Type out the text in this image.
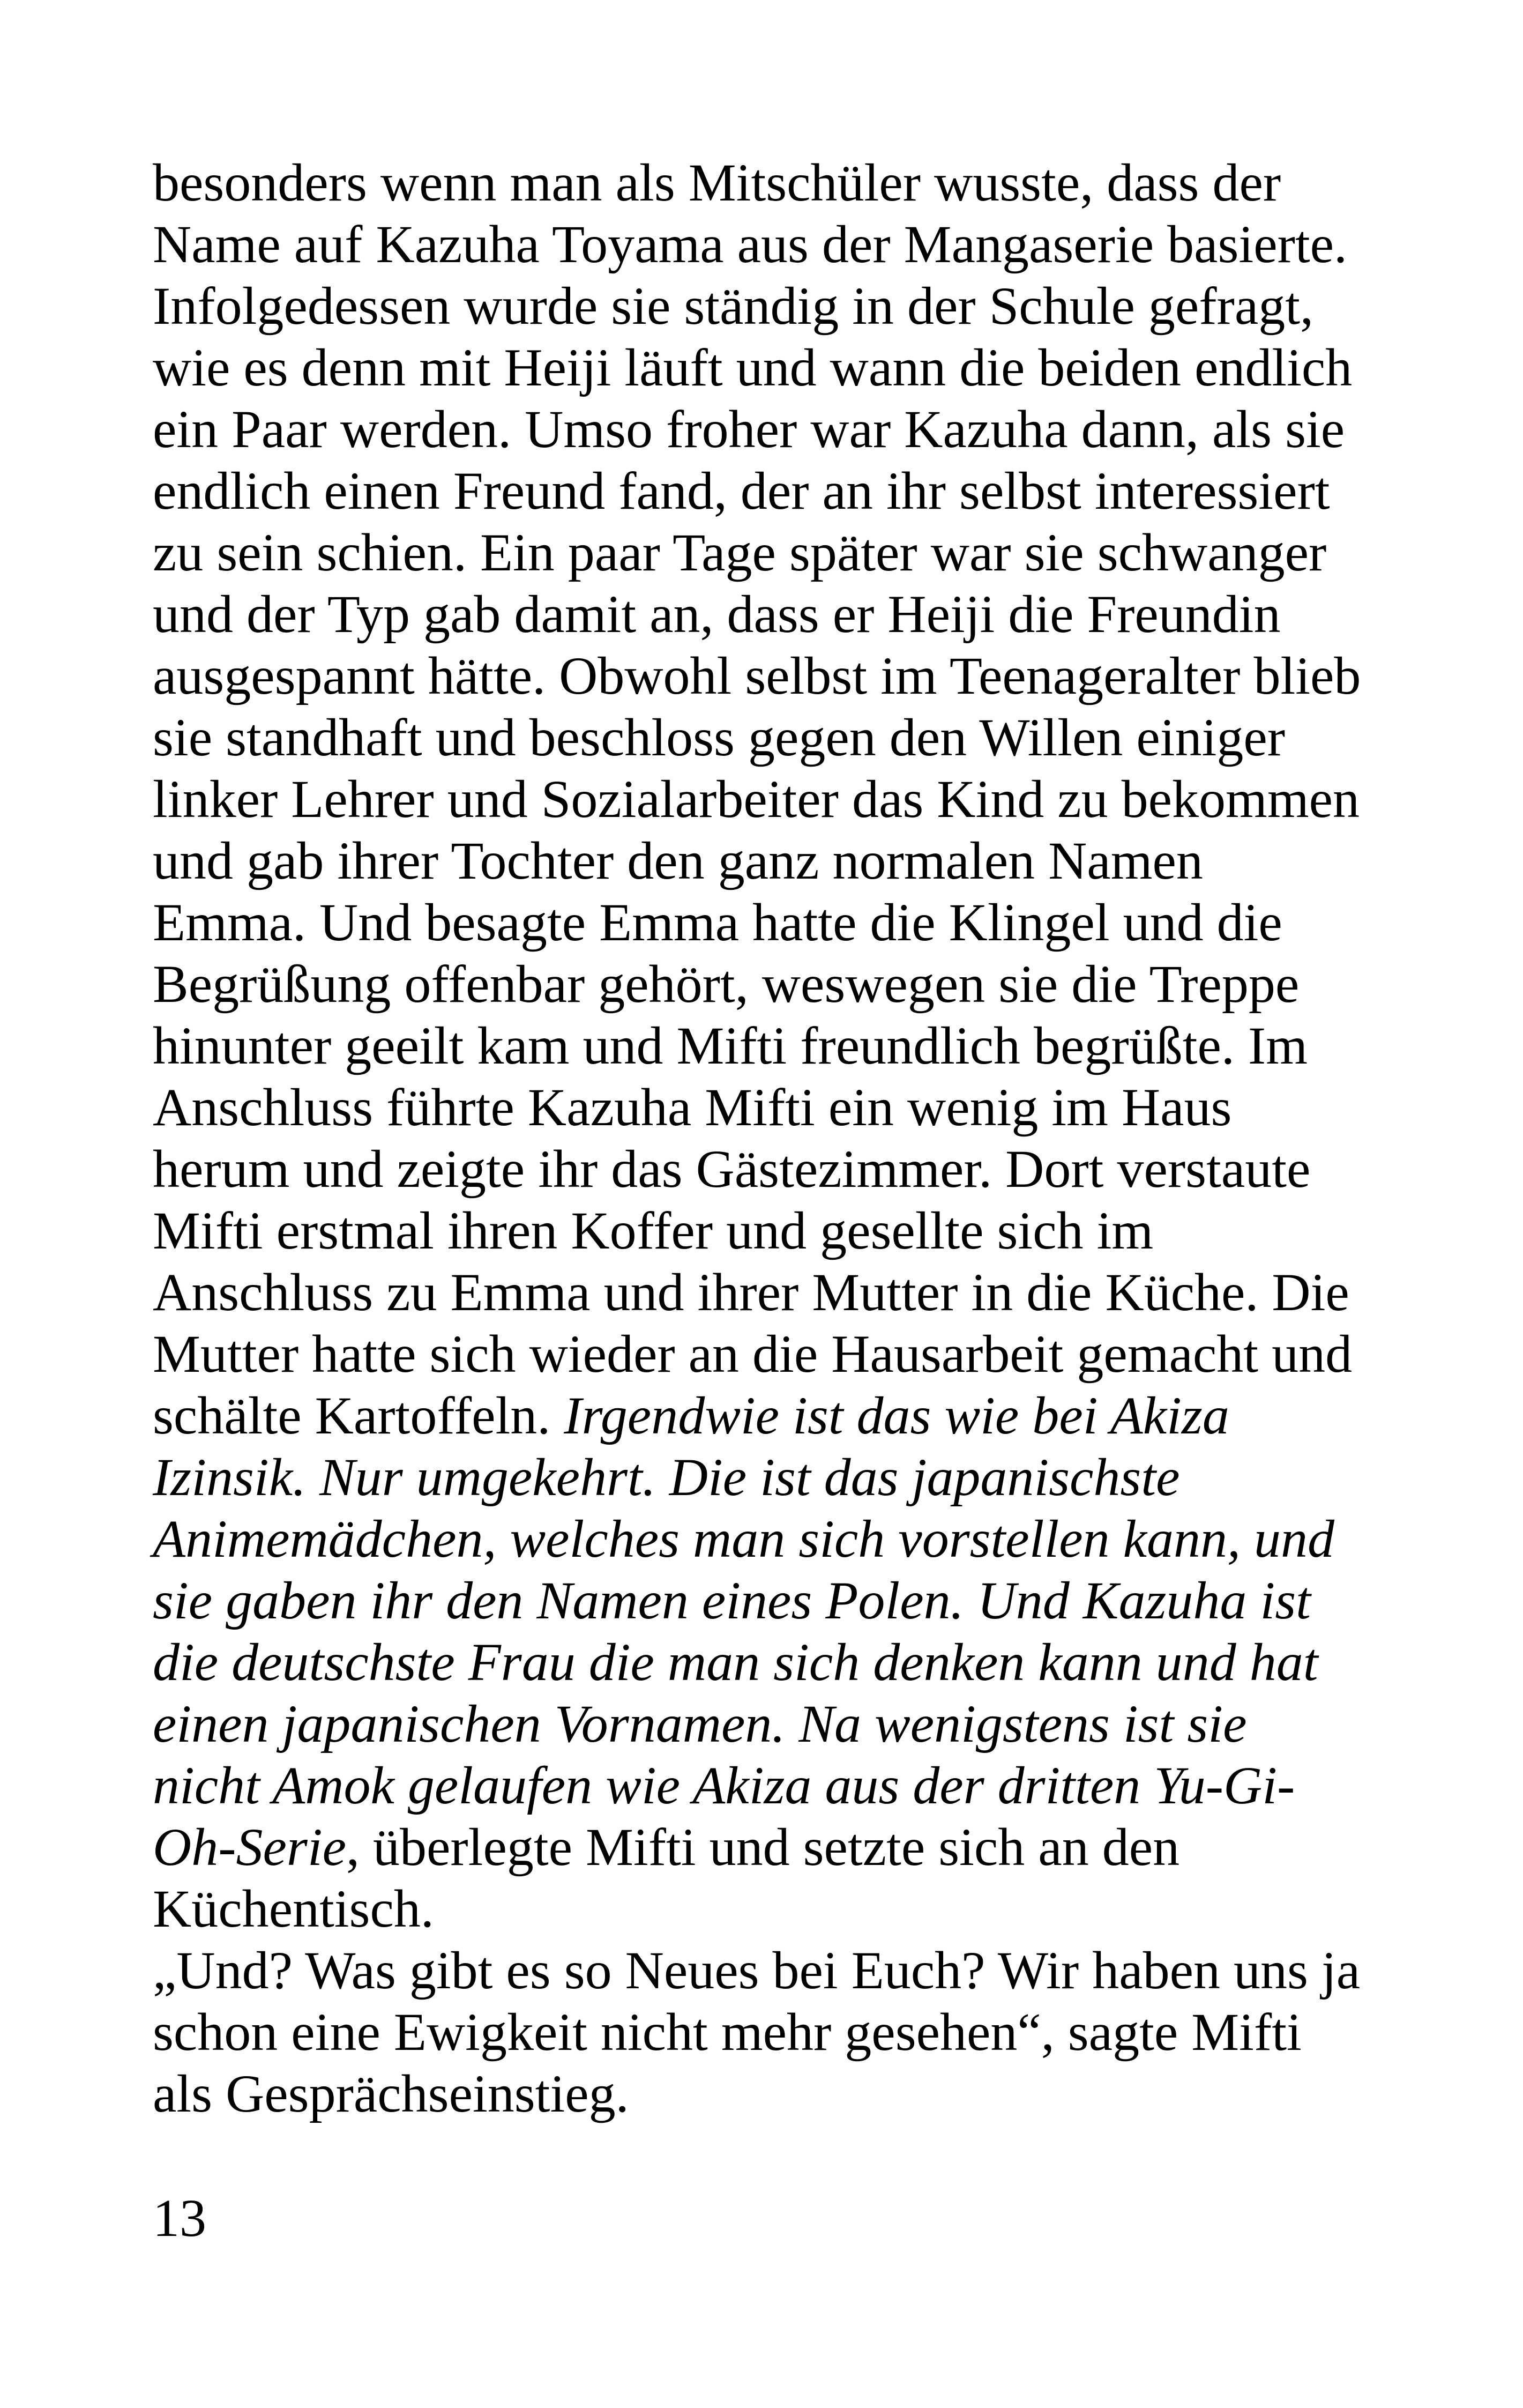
besonders wenn man als Mitschüler wusste, dass der
Name auf Kazuha Toyama aus der Mangaserie basierte.
Infolgedessen wurde sie ständig in der Schule gefragt,
wie es denn mit Heiji läuft und wann die beiden endlich
ein Paar werden. Umso froher war Kazuha dann, als sie
endlich einen Freund fand, der an ihr selbst interessiert
zu sein schien. Ein paar Tage später war sie schwanger
und der Typ gab damit an, dass er Heiji die Freundin
ausgespannt hätte. Obwohl selbst im Teenageralter blieb
sie standhaft und beschloss gegen den Willen einiger
linker Lehrer und Sozialarbeiter das Kind zu bekommen
und gab ihrer Tochter den ganz normalen Namen
Emma. Und besagte Emma hatte die Klingel und die
Begrüßung offenbar gehört, weswegen sie die Treppe
hinunter geeilt kam und Mifti freundlich begrüßte. Im
Anschluss führte Kazuha Mifti ein wenig im Haus
herum und zeigte ihr das Gästezimmer. Dort verstaute
Mifti erstmal ihren Koffer und gesellte sich im
Anschluss zu Emma und ihrer Mutter in die Küche. Die
Mutter hatte sich wieder an die Hausarbeit gemacht und
schälte Kartoffeln. Irgendwie ist das wie bei Akiza
Izinsik. Nur umgekehrt. Die ist das japanischste
Animemädchen, welches man sich vorstellen kann, und
sie gaben ihr den Namen eines Polen. Und Kazuha ist
die deutschste Frau die man sich denken kann und hat
einen japanischen Vornamen. Na wenigstens ist sie
nicht Amok gelaufen wie Akiza aus der dritten Yu-Gi-
Oh-Serie, überlegte Mifti und setzte sich an den
Küchentisch.
„Und? Was gibt es so Neues bei Euch? Wir haben uns ja
schon eine Ewigkeit nicht mehr gesehen“, sagte Mifti
als Gesprächseinstieg.
13
